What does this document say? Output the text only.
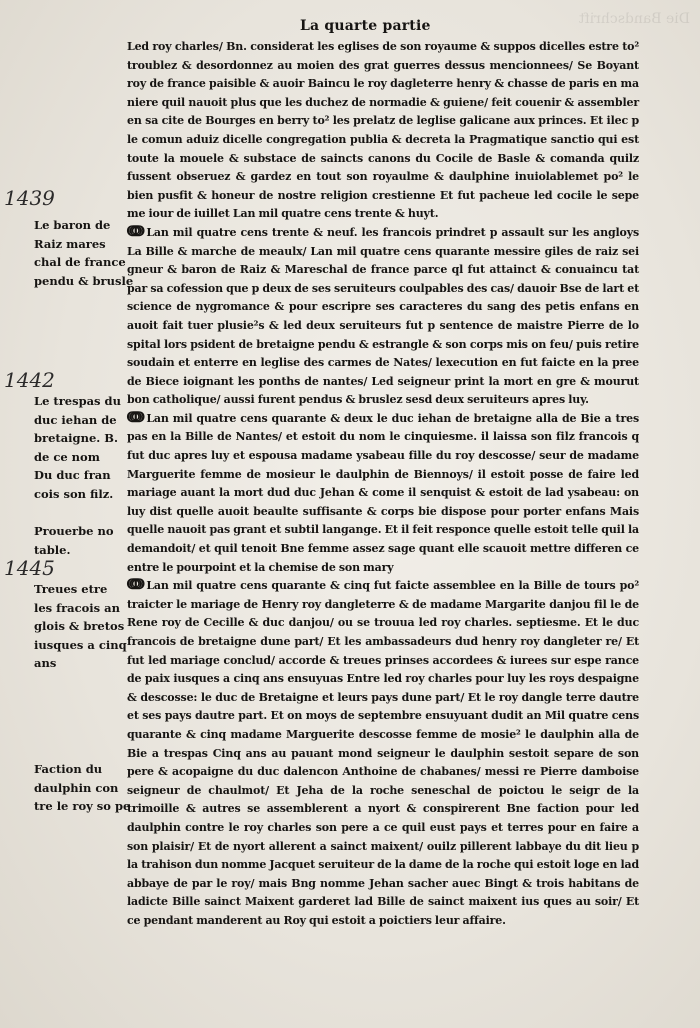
Die Bandschrift
La quarte partie

Led roy charles/ Bn. considerat les eglises de son royaume & suppos dicelles estre to² troublez & desordonnez au moien des grat guerres dessus mencionnees/ Se Boyant roy de france paisible & auoir Baincu le roy dagleterre henry & chasse de paris en ma niere quil nauoit plus que les duchez de normadie & guiene/ feit couenir & assembler en sa cite de Bourges en berry to² les prelatz de leglise galicane aux princes. Et ilec p le comun aduiz dicelle congregation publia & decreta la Pragmatique sanctio qui est toute la mouele & substace de saincts canons du Cocile de Basle & comanda quilz fussent obseruez & gardez en tout son royaulme & daulphine inuiolablemet po² le bien pusfit & honeur de nostre religion crestienne Et fut pacheue led cocile le sepe me iour de iuillet Lan mil quatre cens trente & huyt.

ↈ Lan mil quatre cens trente & neuf. les francois prindret p assault sur les angloys La Bille & marche de meaulx/ Lan mil quatre cens quarante messire giles de raiz sei gneur & baron de Raiz & Mareschal de france parce ql fut attainct & conuaincu tat par sa cofession que p deux de ses seruiteurs coulpables des cas/ dauoir Bse de lart et science de nygromance & pour escripre ses caracteres du sang des petis enfans en auoit fait tuer plusie²s & led deux seruiteurs fut p sentence de maistre Pierre de lo spital lors psident de bretaigne pendu & estrangle & son corps mis on feu/ puis retire soudain et enterre en leglise des carmes de Nates/ lexecution en fut faicte en la pree de Biece ioignant les ponths de nantes/ Led seigneur print la mort en gre & mourut bon catholique/ aussi furent pendus & bruslez sesd deux seruiteurs apres luy.

ↈ Lan mil quatre cens quarante & deux le duc iehan de bretaigne alla de Bie a tres pas en la Bille de Nantes/ et estoit du nom le cinquiesme. il laissa son filz francois q fut duc apres luy et espousa madame ysabeau fille du roy descosse/ seur de madame Marguerite femme de mosieur le daulphin de Biennoys/ il estoit posse de faire led mariage auant la mort dud duc Jehan & come il senquist & estoit de lad ysabeau: on luy dist quelle auoit beaulte suffisante & corps bie dispose pour porter enfans Mais quelle nauoit pas grant et subtil langange. Et il feit responce quelle estoit telle quil la demandoit/ et quil tenoit Bne femme assez sage quant elle scauoit mettre differen ce entre le pourpoint et la chemise de son mary

ↈ Lan mil quatre cens quarante & cinq fut faicte assemblee en la Bille de tours po² traicter le mariage de Henry roy dangleterre & de madame Margarite danjou fil le de Rene roy de Cecille & duc danjou/ ou se trouua led roy charles. septiesme. Et le duc francois de bretaigne dune part/ Et les ambassadeurs dud henry roy dangleter re/ Et fut led mariage conclud/ accorde & treues prinses accordees & iurees sur espe rance de paix iusques a cinq ans ensuyuas Entre led roy charles pour luy les roys despaigne & descosse: le duc de Bretaigne et leurs pays dune part/ Et le roy dangle terre dautre et ses pays dautre part. Et on moys de septembre ensuyuant dudit an Mil quatre cens quarante & cinq madame Marguerite descosse femme de mosie² le daulphin alla de Bie a trespas Cinq ans au pauant mond seigneur le daulphin sestoit separe de son pere & acopaigne du duc dalencon Anthoine de chabanes/ messi re Pierre damboise seigneur de chaulmot/ Et Jeha de la roche seneschal de poictou le seigr de la trimoille & autres se assemblerent a nyort & conspirerent Bne faction pour led daulphin contre le roy charles son pere a ce quil eust pays et terres pour en faire a son plaisir/ Et de nyort allerent a sainct maixent/ ouilz pillerent labbaye du dit lieu p la trahison dun nomme Jacquet seruiteur de la dame de la roche qui estoit loge en lad abbaye de par le roy/ mais Bng nomme Jehan sacher auec Bingt & trois habitans de ladicte Bille sainct Maixent garderet lad Bille de sainct maixent ius ques au soir/ Et ce pendant manderent au Roy qui estoit a poictiers leur affaire.

1439
1442
1445
Le baron de
Raiz mares
chal de france
pendu & brusle
Le trespas du
duc iehan de
bretaigne. B.
de ce nom
Du duc fran
cois son filz.
Prouerbe no
table.
Treues etre
les fracois an
glois & bretos
iusques a cinq
ans
Faction du
daulphin con
tre le roy so pe
